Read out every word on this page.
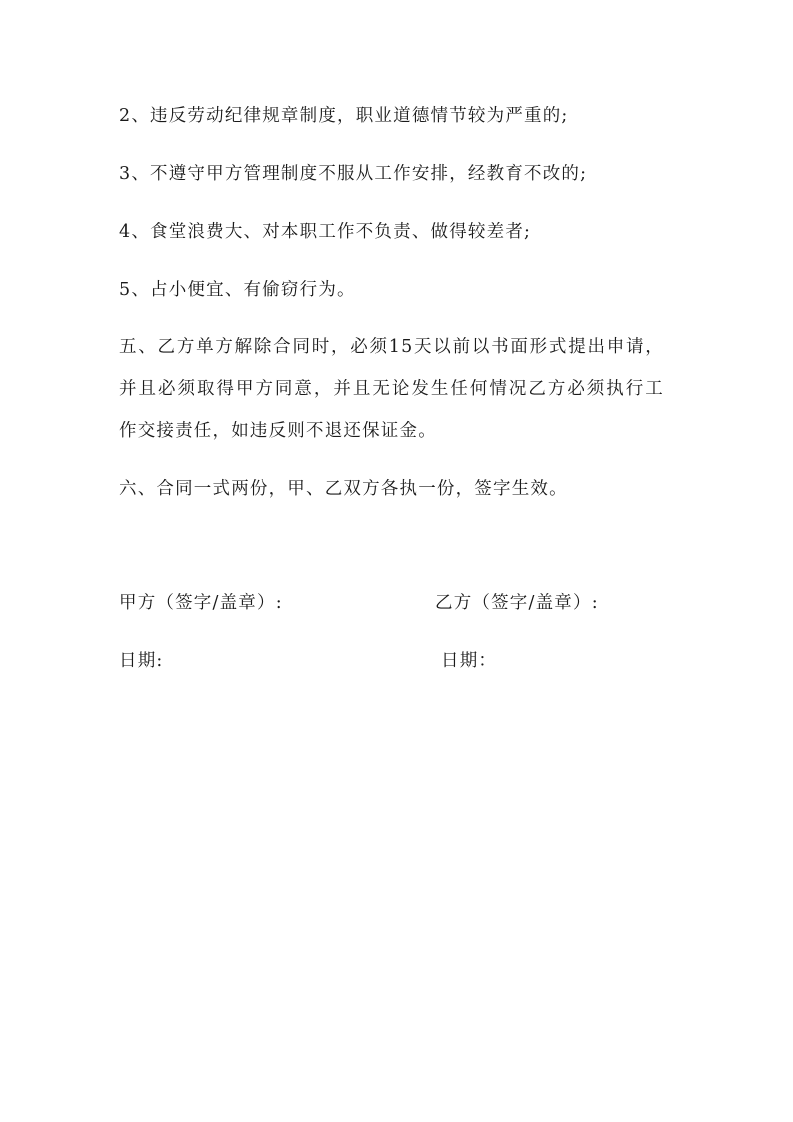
2、违反劳动纪律规章制度，职业道德情节较为严重的;
3、不遵守甲方管理制度不服从工作安排，经教育不改的;
4、食堂浪费大、对本职工作不负责、做得较差者;
5、占小便宜、有偷窃行为。
五、乙方单方解除合同时，必须15天以前以书面形式提出申请，
并且必须取得甲方同意，并且无论发生任何情况乙方必须执行工
作交接责任，如违反则不退还保证金。
六、合同一式两份，甲、乙双方各执一份，签字生效。
甲方（签字/盖章）:	乙方（签字/盖章）:
日期:	日期：
